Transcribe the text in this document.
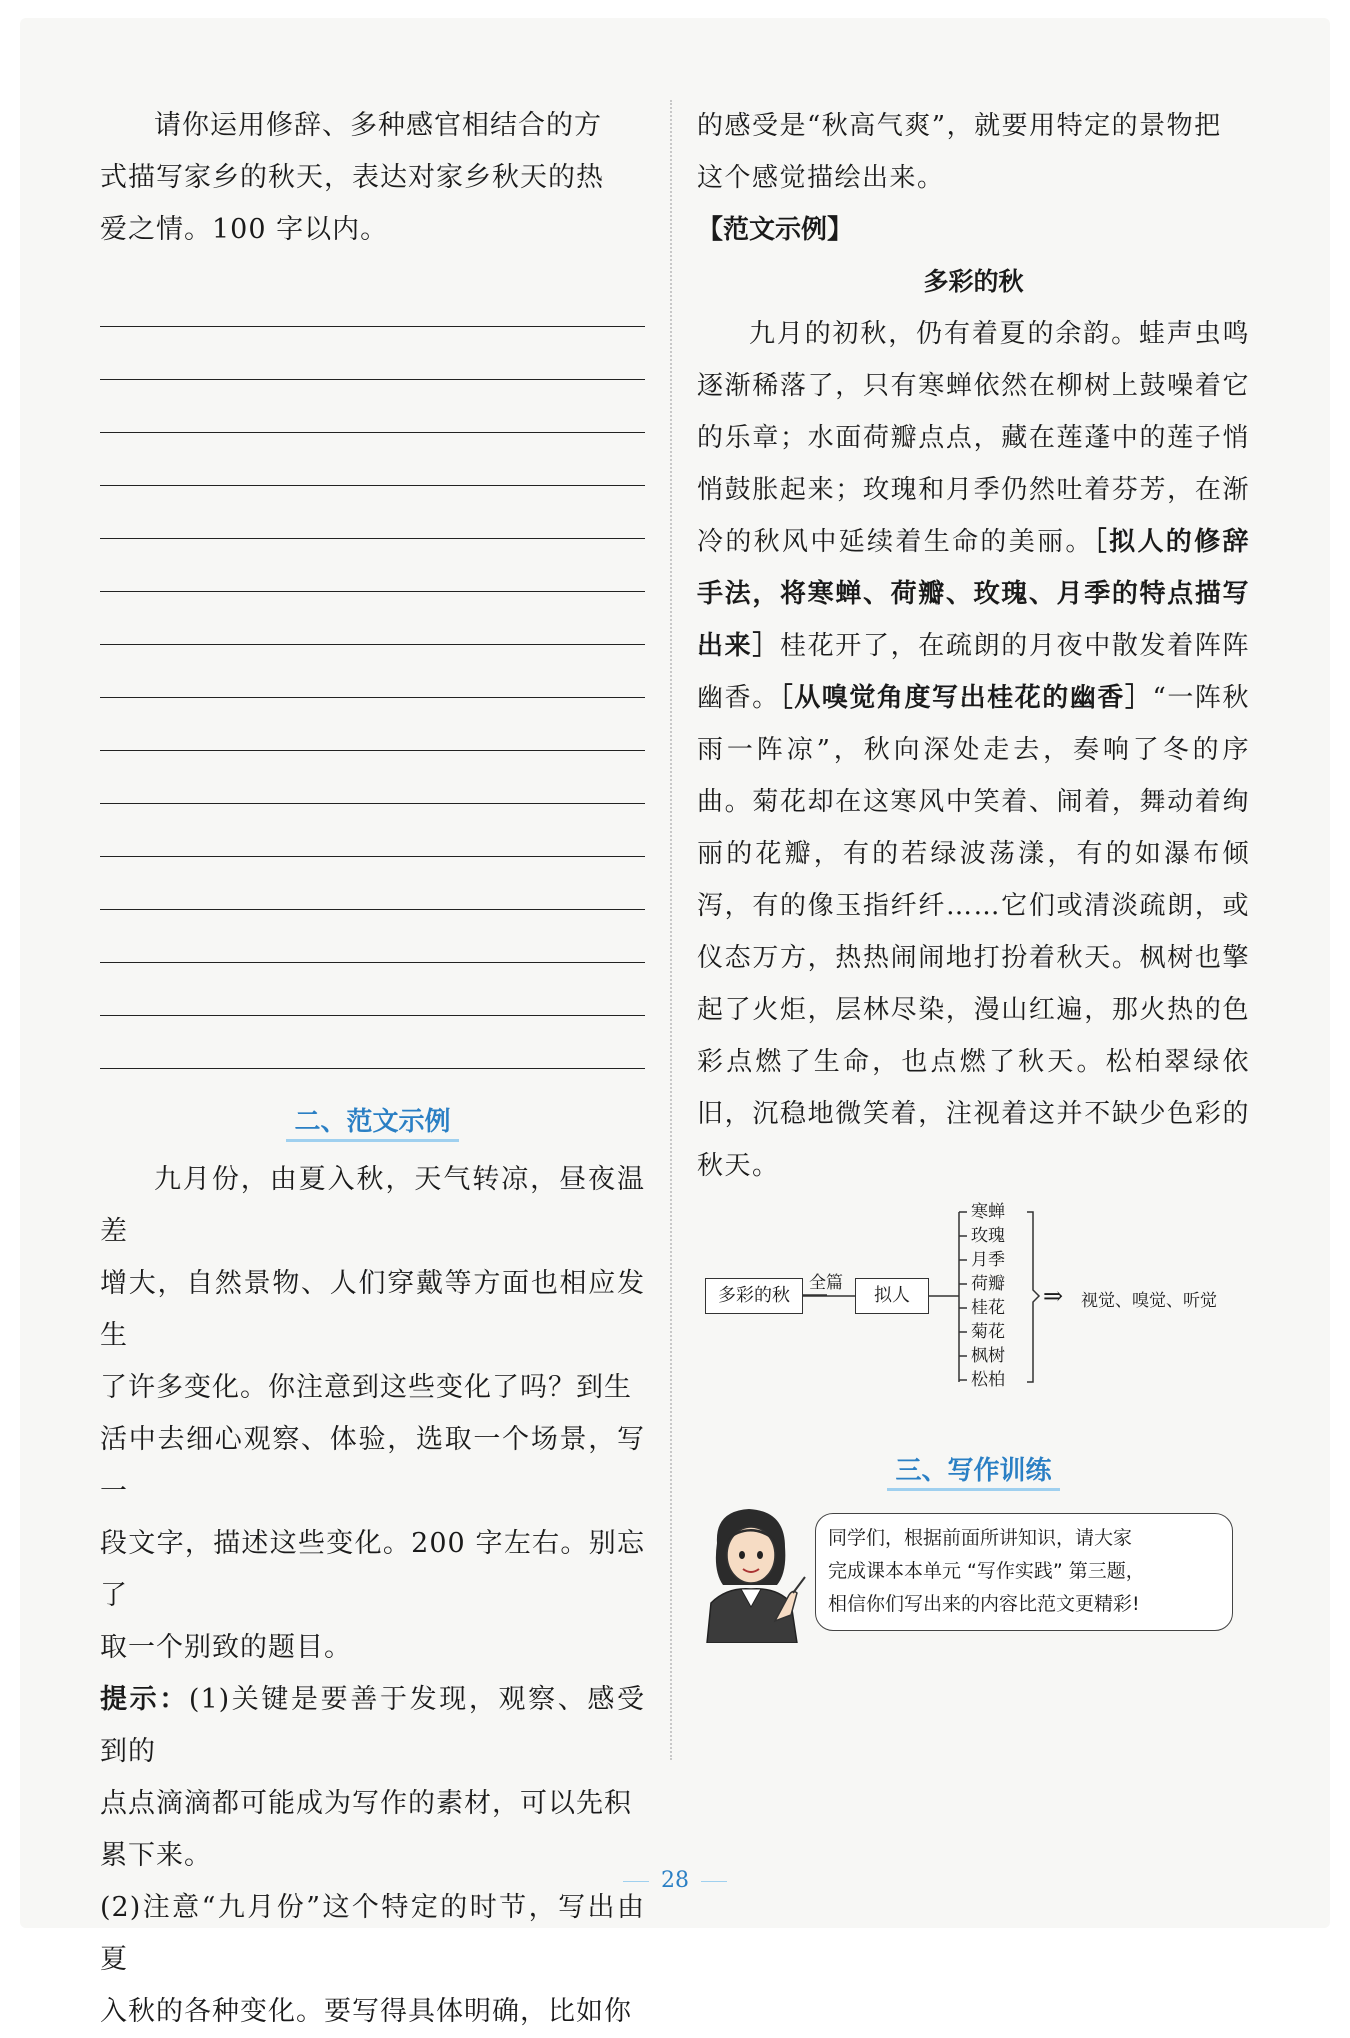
请你运用修辞、多种感官相结合的方

式描写家乡的秋天，表达对家乡秋天的热

爱之情。100 字以内。

二、范文示例

九月份，由夏入秋，天气转凉，昼夜温差

增大，自然景物、人们穿戴等方面也相应发生

了许多变化。你注意到这些变化了吗？到生

活中去细心观察、体验，选取一个场景，写一

段文字，描述这些变化。200 字左右。别忘了

取一个别致的题目。

提示：(1)关键是要善于发现，观察、感受到的

点点滴滴都可能成为写作的素材，可以先积

累下来。

(2)注意“九月份”这个特定的时节，写出由夏

入秋的各种变化。要写得具体明确，比如你

的感受是“秋高气爽”，就要用特定的景物把

这个感觉描绘出来。

【范文示例】

多彩的秋

九月的初秋，仍有着夏的余韵。蛙声虫鸣逐渐稀落了，只有寒蝉依然在柳树上鼓噪着它的乐章；水面荷瓣点点，藏在莲蓬中的莲子悄悄鼓胀起来；玫瑰和月季仍然吐着芬芳，在渐冷的秋风中延续着生命的美丽。［拟人的修辞手法，将寒蝉、荷瓣、玫瑰、月季的特点描写出来］桂花开了，在疏朗的月夜中散发着阵阵幽香。［从嗅觉角度写出桂花的幽香］“一阵秋雨一阵凉”，秋向深处走去，奏响了冬的序曲。菊花却在这寒风中笑着、闹着，舞动着绚丽的花瓣，有的若绿波荡漾，有的如瀑布倾泻，有的像玉指纤纤……它们或清淡疏朗，或仪态万方，热热闹闹地打扮着秋天。枫树也擎起了火炬，层林尽染，漫山红遍，那火热的色彩点燃了生命，也点燃了秋天。松柏翠绿依旧，沉稳地微笑着，注视着这并不缺少色彩的秋天。

多彩的秋
全篇
拟人
寒蝉
玫瑰
月季
荷瓣
桂花
菊花
枫树
松柏
⇒ 视觉、嗅觉、听觉
三、写作训练
同学们，根据前面所讲知识，请大家
完成课本本单元 “写作实践” 第三题，
相信你们写出来的内容比范文更精彩!
28
